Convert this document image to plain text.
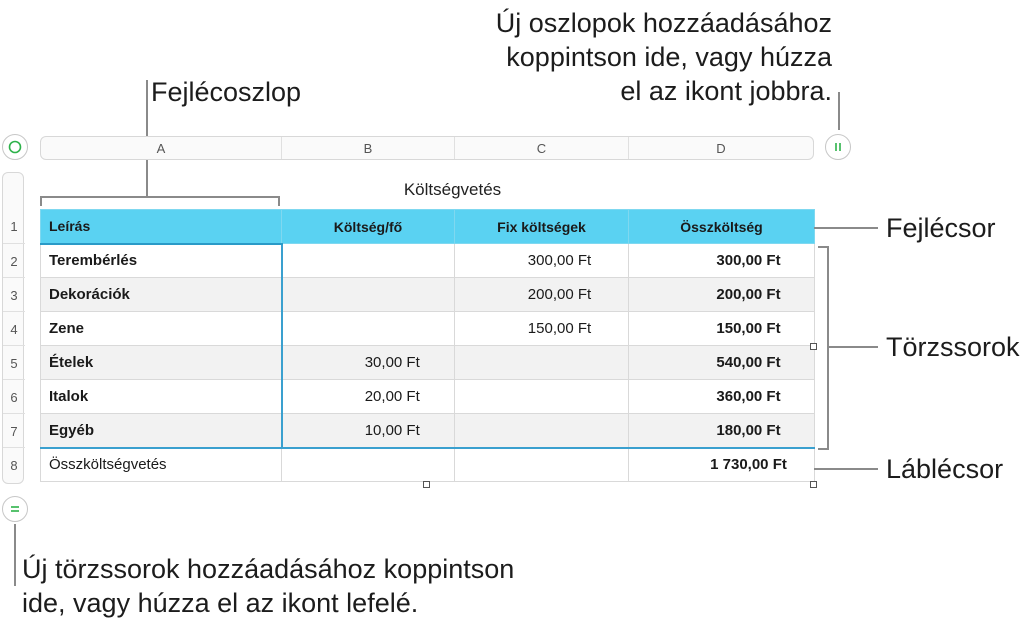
Új oszlopok hozzáadásához
koppintson ide, vagy húzza
el az ikont jobbra.
Fejlécoszlop
A	B	C	D
1
2
3
4
5
6
7
8
Költségvetés
Leírás	Költség/fő	Fix költségek	Összköltség
Terembérlés		300,00 Ft	300,00 Ft
Dekorációk		200,00 Ft	200,00 Ft
Zene		150,00 Ft	150,00 Ft
Ételek	30,00 Ft		540,00 Ft
Italok	20,00 Ft		360,00 Ft
Egyéb	10,00 Ft		180,00 Ft
Összköltségvetés			1 730,00 Ft
Fejlécsor
Törzssorok
Láblécsor
Új törzssorok hozzáadásához koppintson
ide, vagy húzza el az ikont lefelé.
